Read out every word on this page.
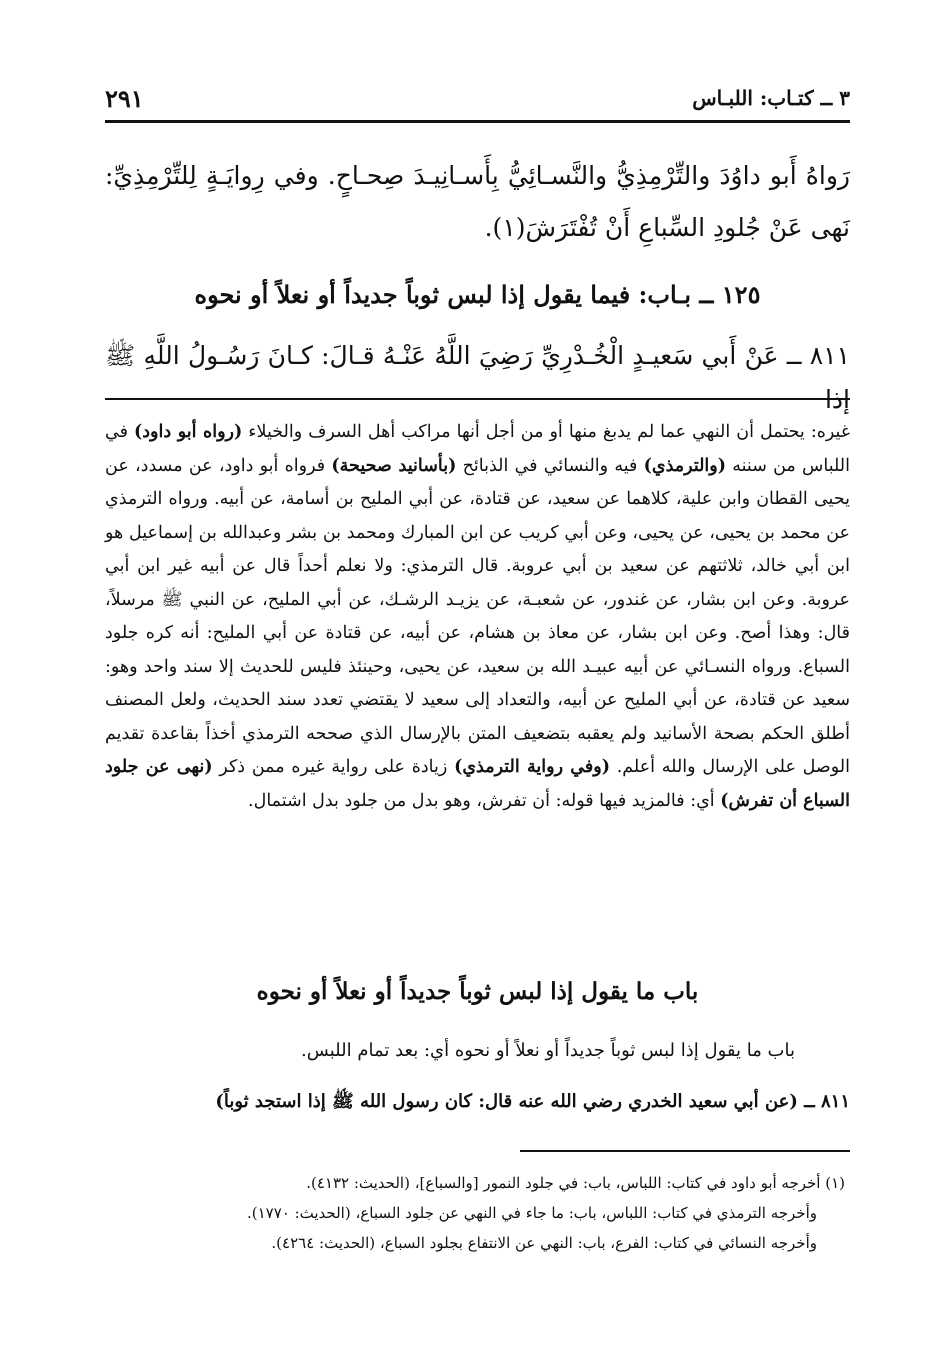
٣ ــ كتـاب: اللبـاس
٢٩١
رَواهُ أَبو داوُدَ والتِّرْمِذِيُّ والنَّسـائِيُّ بِأَسـانِيـدَ صِحـاحٍ. وفي رِوايَـةٍ لِلتِّرْمِذِيِّ: نَهى عَنْ جُلودِ السِّباعِ أَنْ تُفْتَرَشَ(١).
١٢٥ ــ بـاب: فيما يقول إذا لبس ثوباً جديداً أو نعلاً أو نحوه
٨١١ ــ عَنْ أَبي سَعيـدٍ الْخُـدْرِيِّ رَضِيَ اللَّهُ عَنْـهُ قـالَ: كـانَ رَسُـولُ اللَّهِ ﷺ إذا
غيره: يحتمل أن النهي عما لم يدبغ منها أو من أجل أنها مراكب أهل السرف والخيلاء (رواه أبو داود) في اللباس من سننه (والترمذي) فيه والنسائي في الذبائح (بأسانيد صحيحة) فرواه أبو داود، عن مسدد، عن يحيى القطان وابن علية، كلاهما عن سعيد، عن قتادة، عن أبي المليح بن أسامة، عن أبيه. ورواه الترمذي عن محمد بن يحيى، عن يحيى، وعن أبي كريب عن ابن المبارك ومحمد بن بشر وعبدالله بن إسماعيل هو ابن أبي خالد، ثلاثتهم عن سعيد بن أبي عروبة. قال الترمذي: ولا نعلم أحداً قال عن أبيه غير ابن أبي عروبة. وعن ابن بشار، عن غندور، عن شعبـة، عن يزيـد الرشـك، عن أبي المليح، عن النبي ﷺ مرسلاً، قال: وهذا أصح. وعن ابن بشار، عن معاذ بن هشام، عن أبيه، عن قتادة عن أبي المليح: أنه كره جلود السباع. ورواه النسـائي عن أبيه عبيـد الله بن سعيد، عن يحيى، وحينئذ فليس للحديث إلا سند واحد وهو: سعيد عن قتادة، عن أبي المليح عن أبيه، والتعداد إلى سعيد لا يقتضي تعدد سند الحديث، ولعل المصنف أطلق الحكم بصحة الأسانيد ولم يعقبه بتضعيف المتن بالإرسال الذي صححه الترمذي أخذاً بقاعدة تقديم الوصل على الإرسال والله أعلم. (وفي رواية الترمذي) زيادة على رواية غيره ممن ذكر (نهى عن جلود السباع أن تفرش) أي: فالمزيد فيها قوله: أن تفرش، وهو بدل من جلود بدل اشتمال.
باب ما يقول إذا لبس ثوباً جديداً أو نعلاً أو نحوه
باب ما يقول إذا لبس ثوباً جديداً أو نعلاً أو نحوه أي: بعد تمام اللبس.
٨١١ ــ (عن أبي سعيد الخدري رضي الله عنه قال: كان رسول الله ﷺ إذا استجد ثوباً)
(١) أخرجه أبو داود في كتاب: اللباس، باب: في جلود النمور [والسباع]، (الحديث: ٤١٣٢).
وأخرجه الترمذي في كتاب: اللباس، باب: ما جاء في النهي عن جلود السباع، (الحديث: ١٧٧٠).
وأخرجه النسائي في كتاب: الفرع، باب: النهي عن الانتفاع بجلود السباع، (الحديث: ٤٢٦٤).
